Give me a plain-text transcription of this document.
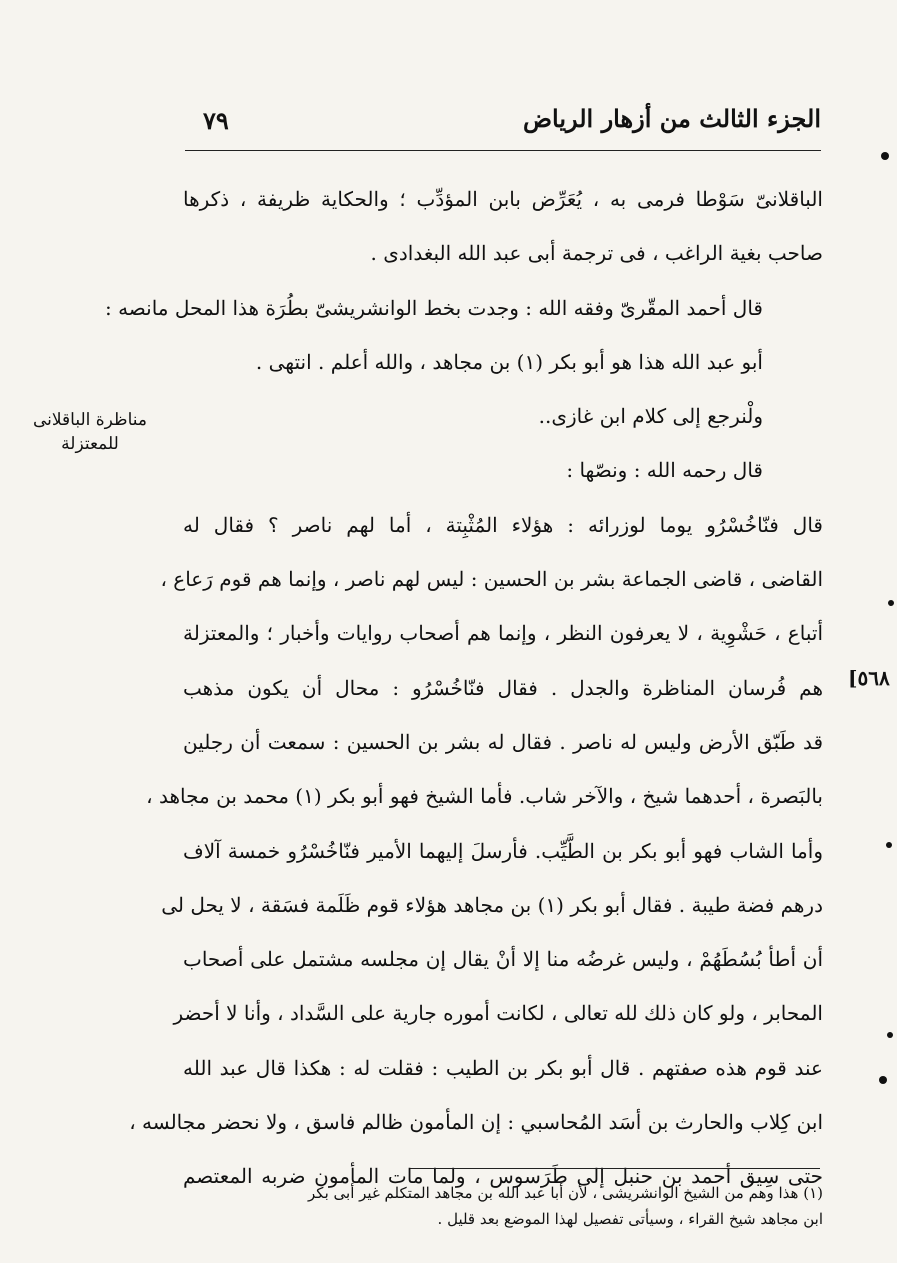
الجزء الثالث من أزهار الرياض
٧٩
مناظرة الباقلانى
للمعتزلة
٥٦٨]
الباقلانىّ سَوْطا فرمى به ، يُعَرِّض بابن المؤدِّب ؛ والحكاية ظريفة ، ذكرها
صاحب بغية الراغب ، فى ترجمة أبى عبد الله البغدادى .
قال أحمد المقّرىّ وفقه الله : وجدت بخط الوانشريشىّ بطُرَة هذا المحل مانصه :
أبو عبد الله هذا هو أبو بكر (١) بن مجاهد ، والله أعلم . انتهى .
ولْنرجع إلى كلام ابن غازى..
قال رحمه الله : ونصّها :
قال فنّاخُسْرُو يوما لوزرائه : هؤلاء المُثْبِتة ، أما لهم ناصر ؟ فقال له
القاضى ، قاضى الجماعة بشر بن الحسين : ليس لهم ناصر ، وإنما هم قوم رَعاع ،
أتباع ، حَشْوِية ، لا يعرفون النظر ، وإنما هم أصحاب روايات وأخبار ؛ والمعتزلة
هم فُرسان المناظرة والجدل . فقال فنّاخُسْرُو : محال أن يكون مذهب
قد طَبّق الأرض وليس له ناصر . فقال له بشر بن الحسين : سمعت أن رجلين
بالبَصرة ، أحدهما شيخ ، والآخر شاب. فأما الشيخ فهو أبو بكر (١) محمد بن مجاهد ،
وأما الشاب فهو أبو بكر بن الطَّيِّب. فأرسلَ إليهما الأمير فنّاخُسْرُو خمسة آلاف
درهم فضة طيبة . فقال أبو بكر (١) بن مجاهد هؤلاء قوم ظَلَمة فسَقة ، لا يحل لى
أن أطأ بُسُطَهُمْ ، وليس غرضُه منا إلا أنْ يقال إن مجلسه مشتمل على أصحاب
المحابر ، ولو كان ذلك لله تعالى ، لكانت أموره جارية على السَّداد ، وأنا لا أحضر
عند قوم هذه صفتهم . قال أبو بكر بن الطيب : فقلت له : هكذا قال عبد الله
ابن كِلاب والحارث بن أسَد المُحاسبي : إن المأمون ظالم فاسق ، ولا نحضر مجالسه ،
حتى سِيق أحمد بن حنبل إلى طَرَسوس ، ولما مات المأمون ضربه المعتصم
(١) هذا وهم من الشيخ الوانشريشى ، لأن أبا عبد الله بن مجاهد المتكلم غير أبى بكر
ابن مجاهد شيخ القراء ، وسيأتى تفصيل لهذا الموضع بعد قليل .
